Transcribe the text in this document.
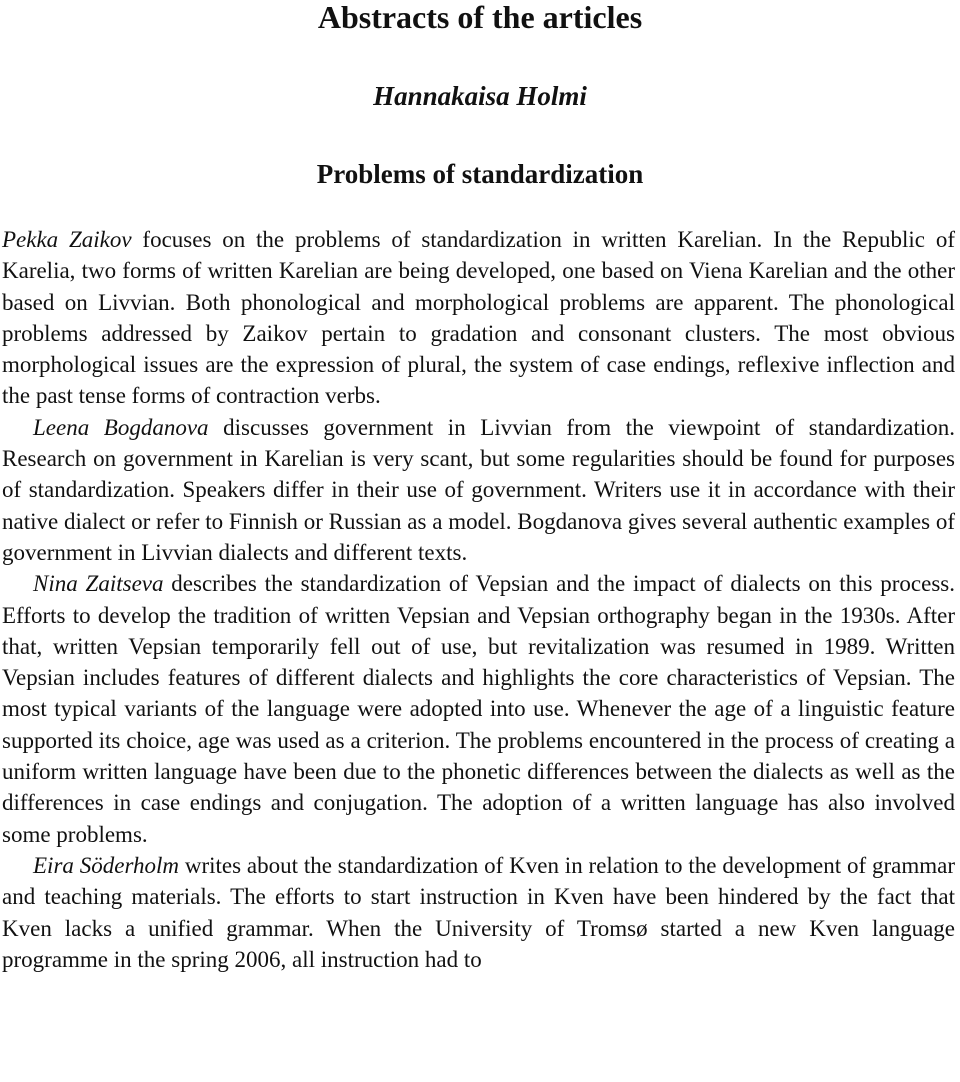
Abstracts of the articles
Hannakaisa Holmi
Problems of standardization

Pekka Zaikov focuses on the problems of standardization in written Karelian. In the Republic of Karelia, two forms of written Karelian are being developed, one based on Viena Karelian and the other based on Livvian. Both phonological and morphological problems are apparent. The phonological problems addressed by Zaikov pertain to gradation and consonant clusters. The most obvious morphological issues are the expression of plural, the system of case endings, reflexive inflection and the past tense forms of contraction verbs.

Leena Bogdanova discusses government in Livvian from the viewpoint of standardization. Research on government in Karelian is very scant, but some regularities should be found for purposes of standardization. Speakers differ in their use of government. Writers use it in accordance with their native dialect or refer to Finnish or Russian as a model. Bogdanova gives several authentic examples of government in Livvian dialects and different texts.

Nina Zaitseva describes the standardization of Vepsian and the impact of dialects on this process. Efforts to develop the tradition of written Vepsian and Vepsian orthography began in the 1930s. After that, written Vepsian temporarily fell out of use, but revitalization was resumed in 1989. Written Vepsian includes features of different dialects and highlights the core characteristics of Vepsian. The most typical variants of the language were adopted into use. Whenever the age of a linguistic feature supported its choice, age was used as a criterion. The problems encountered in the process of creating a uniform written language have been due to the phonetic differences between the dialects as well as the differences in case endings and conjugation. The adoption of a written language has also involved some problems.

Eira Söderholm writes about the standardization of Kven in relation to the development of grammar and teaching materials. The efforts to start instruction in Kven have been hindered by the fact that Kven lacks a unified grammar. When the University of Tromsø started a new Kven language programme in the spring 2006, all instruction had to
